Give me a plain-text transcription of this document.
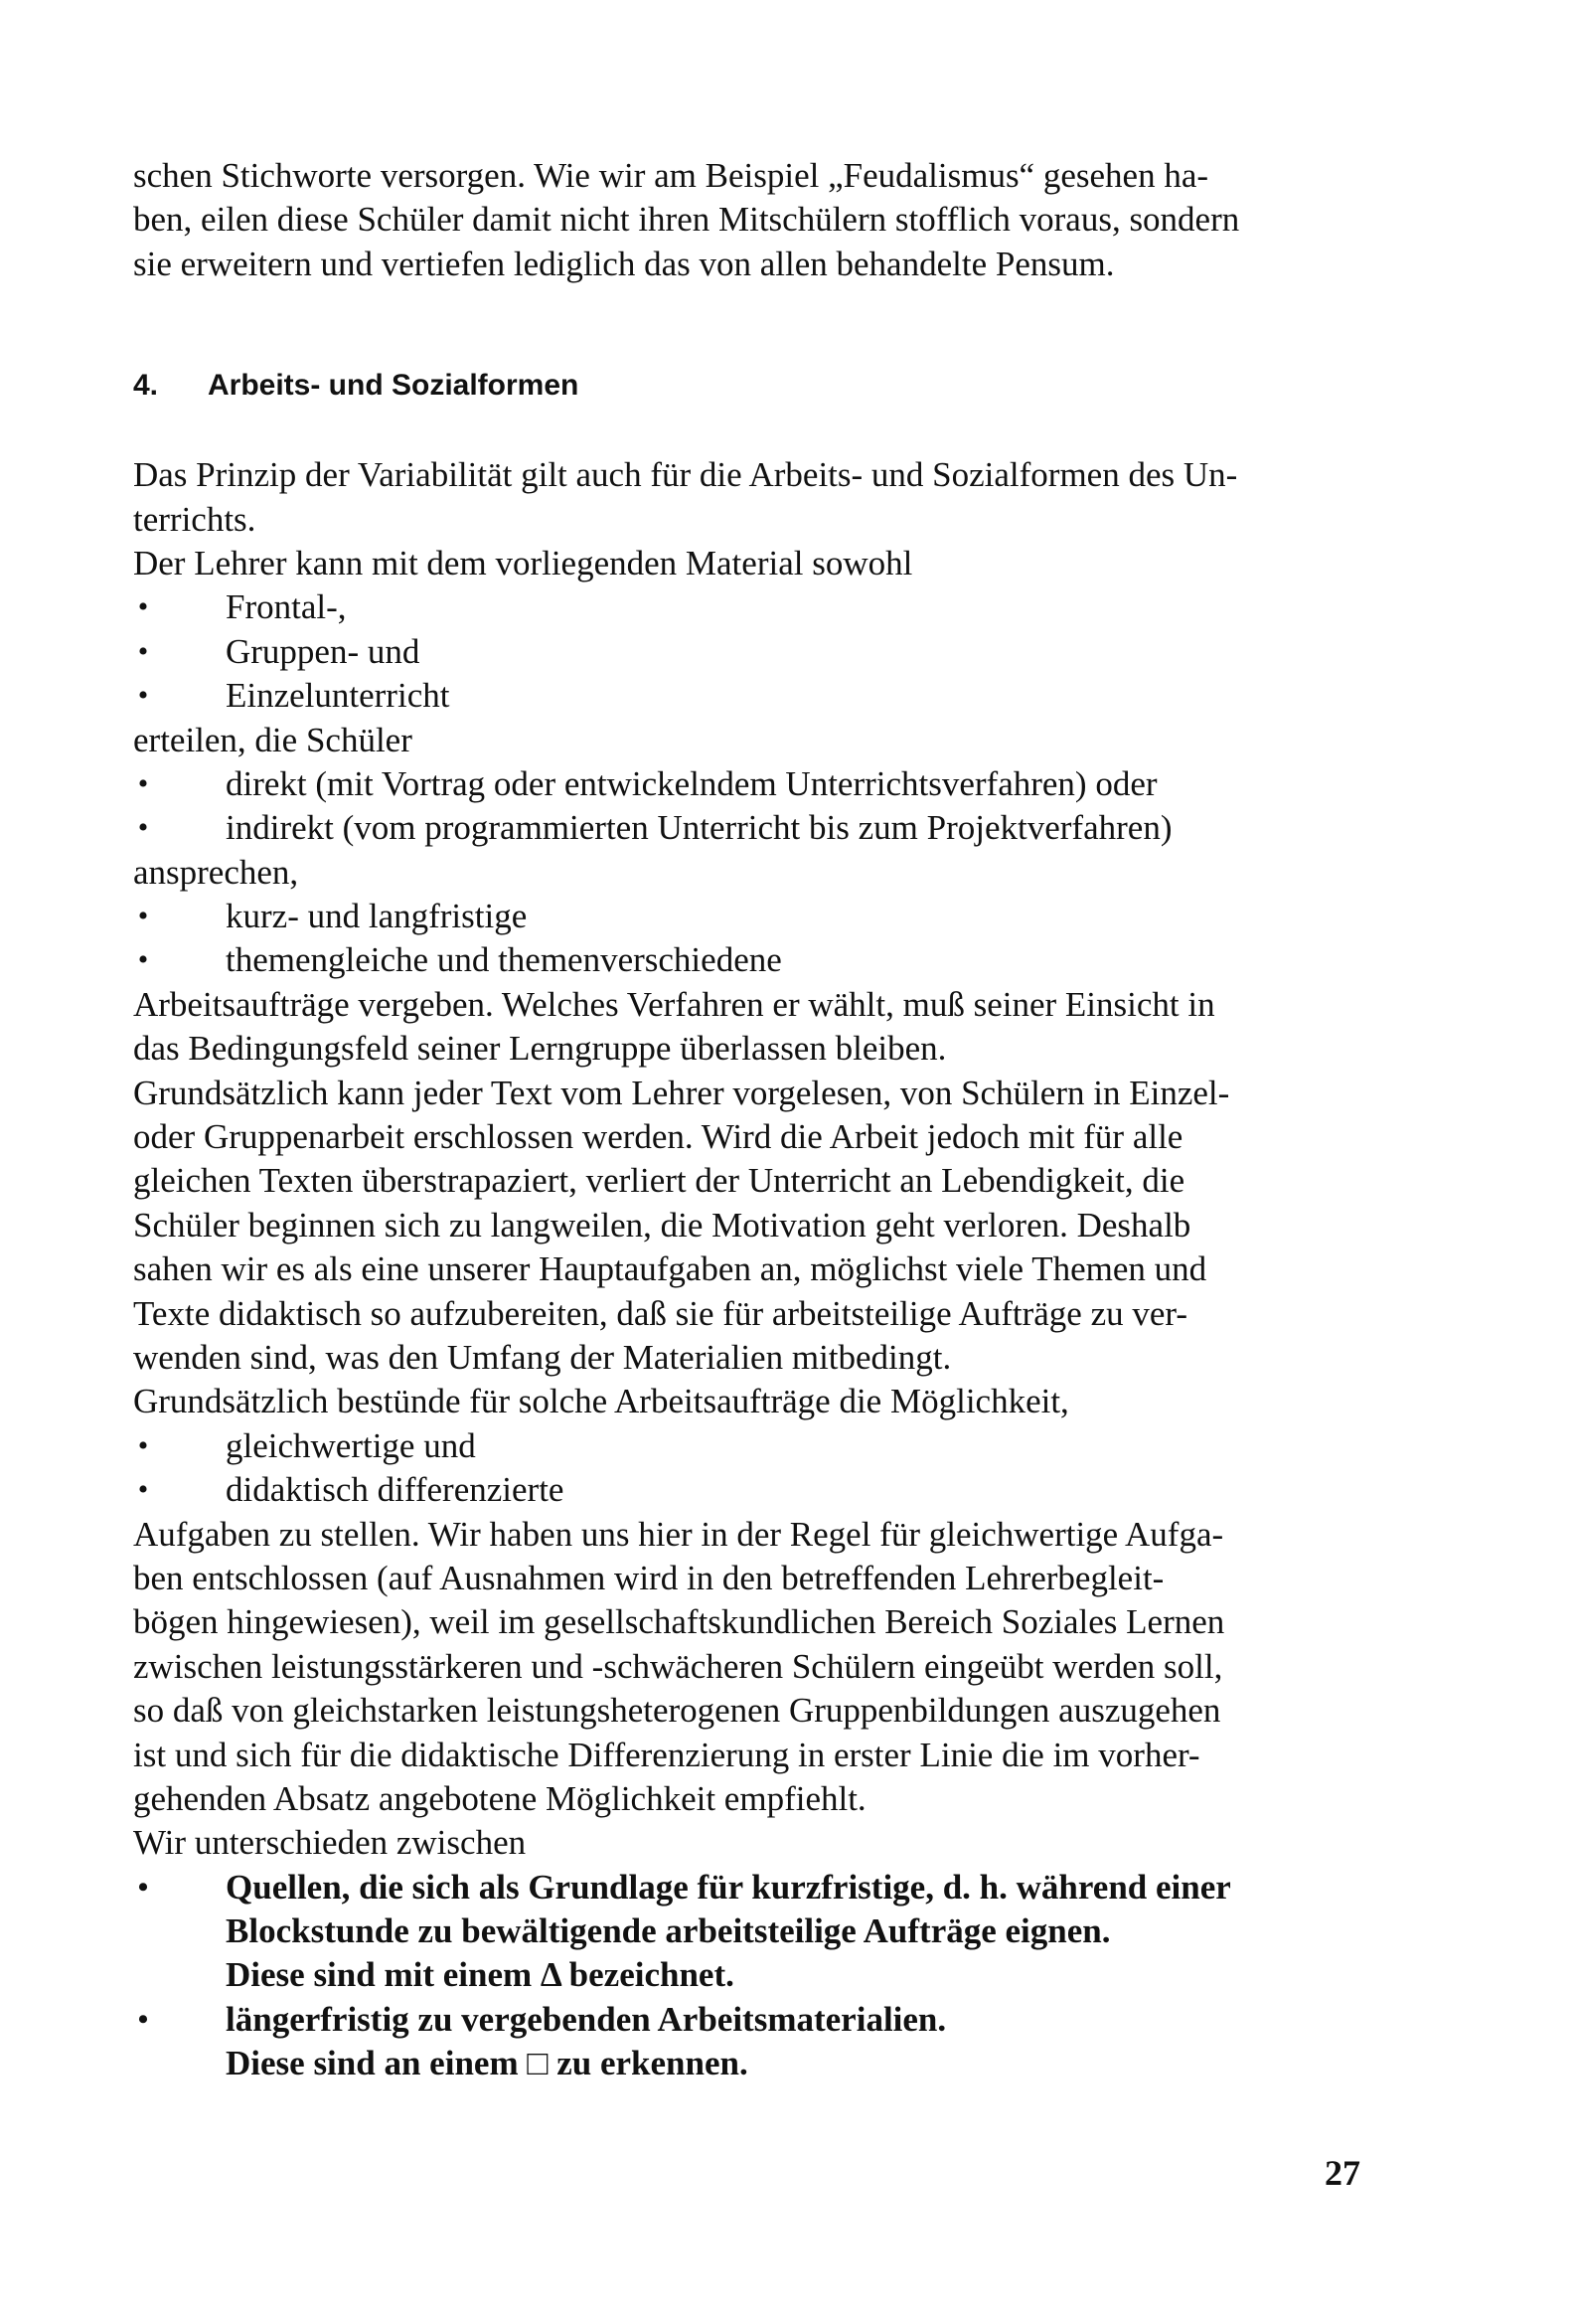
schen Stichworte versorgen. Wie wir am Beispiel „Feudalismus“ gesehen ha-
ben, eilen diese Schüler damit nicht ihren Mitschülern stofflich voraus, sondern
sie erweitern und vertiefen lediglich das von allen behandelte Pensum.
4. Arbeits- und Sozialformen
Das Prinzip der Variabilität gilt auch für die Arbeits- und Sozialformen des Un-
terrichts.
Der Lehrer kann mit dem vorliegenden Material sowohl
• Frontal-,
• Gruppen- und
• Einzelunterricht
erteilen, die Schüler
• direkt (mit Vortrag oder entwickelndem Unterrichtsverfahren) oder
• indirekt (vom programmierten Unterricht bis zum Projektverfahren)
ansprechen,
• kurz- und langfristige
• themengleiche und themenverschiedene
Arbeitsaufträge vergeben. Welches Verfahren er wählt, muß seiner Einsicht in
das Bedingungsfeld seiner Lerngruppe überlassen bleiben.
Grundsätzlich kann jeder Text vom Lehrer vorgelesen, von Schülern in Einzel-
oder Gruppenarbeit erschlossen werden. Wird die Arbeit jedoch mit für alle
gleichen Texten überstrapaziert, verliert der Unterricht an Lebendigkeit, die
Schüler beginnen sich zu langweilen, die Motivation geht verloren. Deshalb
sahen wir es als eine unserer Hauptaufgaben an, möglichst viele Themen und
Texte didaktisch so aufzubereiten, daß sie für arbeitsteilige Aufträge zu ver-
wenden sind, was den Umfang der Materialien mitbedingt.
Grundsätzlich bestünde für solche Arbeitsaufträge die Möglichkeit,
• gleichwertige und
• didaktisch differenzierte
Aufgaben zu stellen. Wir haben uns hier in der Regel für gleichwertige Aufga-
ben entschlossen (auf Ausnahmen wird in den betreffenden Lehrerbegleit-
bögen hingewiesen), weil im gesellschaftskundlichen Bereich Soziales Lernen
zwischen leistungsstärkeren und -schwächeren Schülern eingeübt werden soll,
so daß von gleichstarken leistungsheterogenen Gruppenbildungen auszugehen
ist und sich für die didaktische Differenzierung in erster Linie die im vorher-
gehenden Absatz angebotene Möglichkeit empfiehlt.
Wir unterschieden zwischen
• Quellen, die sich als Grundlage für kurzfristige, d. h. während einer
Blockstunde zu bewältigende arbeitsteilige Aufträge eignen.
Diese sind mit einem Δ bezeichnet.
• längerfristig zu vergebenden Arbeitsmaterialien.
Diese sind an einem □ zu erkennen.
27
